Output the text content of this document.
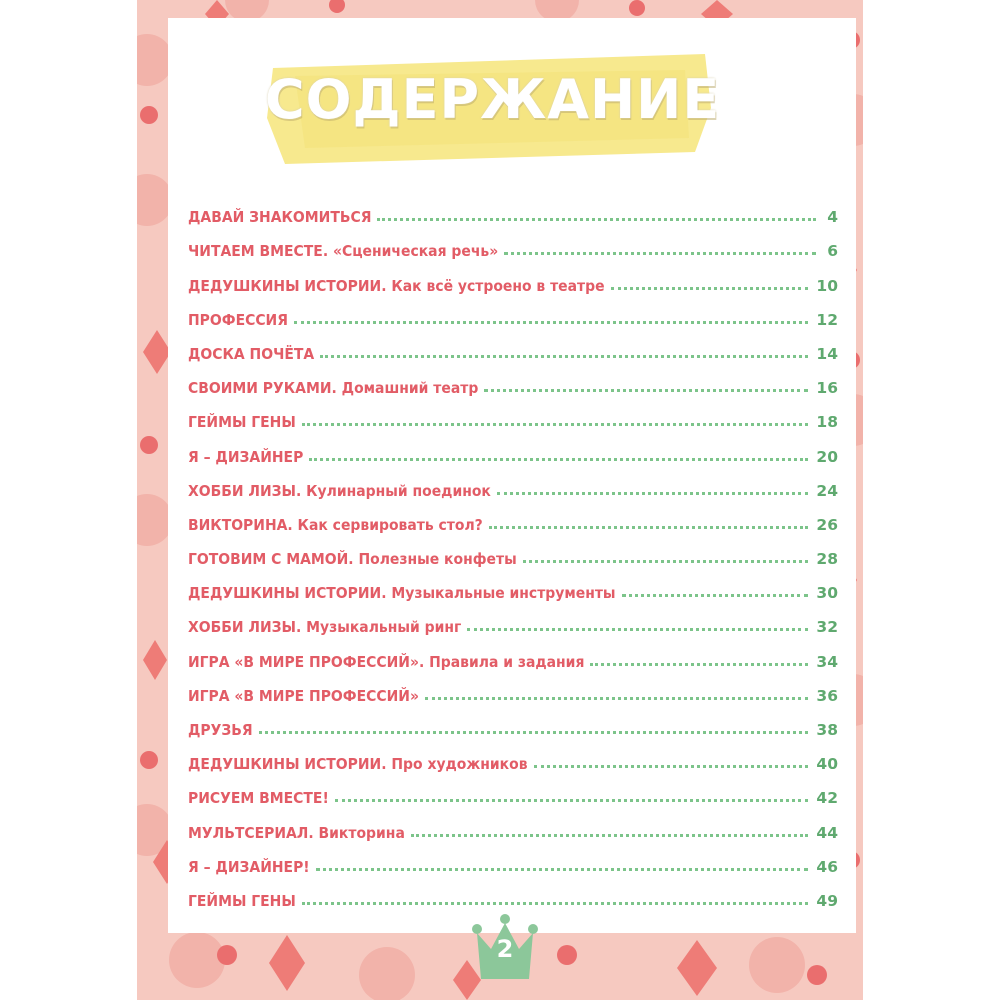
СОДЕРЖАНИЕ
ДАВАЙ ЗНАКОМИТЬСЯ	4
ЧИТАЕМ ВМЕСТЕ. «Сценическая речь»	6
ДЕДУШКИНЫ ИСТОРИИ. Как всё устроено в театре	10
ПРОФЕССИЯ	12
ДОСКА ПОЧЁТА	14
СВОИМИ РУКАМИ. Домашний театр	16
ГЕЙМЫ ГЕНЫ	18
Я – ДИЗАЙНЕР	20
ХОББИ ЛИЗЫ. Кулинарный поединок	24
ВИКТОРИНА. Как сервировать стол?	26
ГОТОВИМ С МАМОЙ. Полезные конфеты	28
ДЕДУШКИНЫ ИСТОРИИ. Музыкальные инструменты	30
ХОББИ ЛИЗЫ. Музыкальный ринг	32
ИГРА «В МИРЕ ПРОФЕССИЙ». Правила и задания	34
ИГРА «В МИРЕ ПРОФЕССИЙ»	36
ДРУЗЬЯ	38
ДЕДУШКИНЫ ИСТОРИИ. Про художников	40
РИСУЕМ ВМЕСТЕ!	42
МУЛЬТСЕРИАЛ. Викторина	44
Я – ДИЗАЙНЕР!	46
ГЕЙМЫ ГЕНЫ	49
2
